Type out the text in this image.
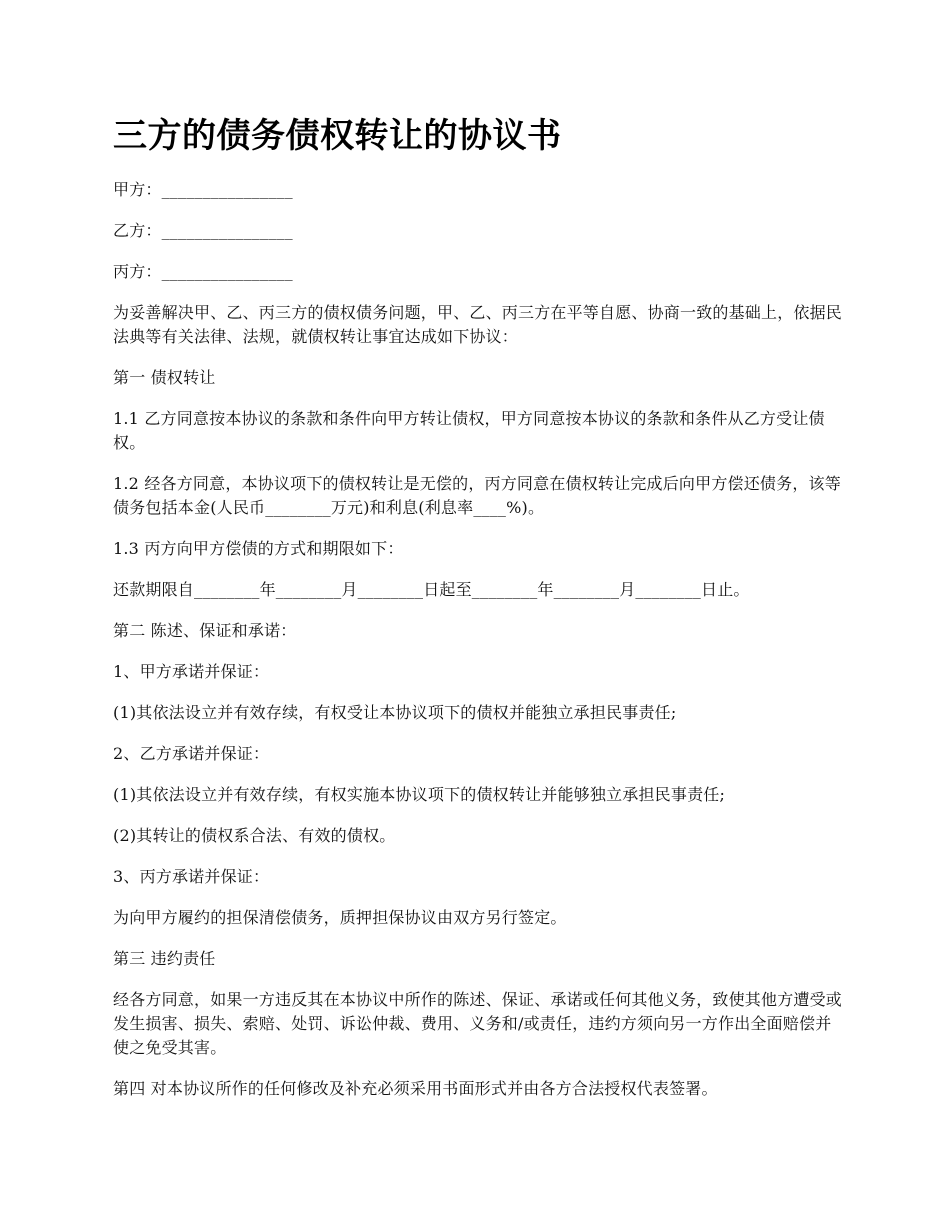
三方的债务债权转让的协议书

甲方：________________

乙方：________________

丙方：________________

为妥善解决甲、乙、丙三方的债权债务问题，甲、乙、丙三方在平等自愿、协商一致的基础上，依据民法典等有关法律、法规，就债权转让事宜达成如下协议：

第一 债权转让

1.1 乙方同意按本协议的条款和条件向甲方转让债权，甲方同意按本协议的条款和条件从乙方受让债权。

1.2 经各方同意，本协议项下的债权转让是无偿的，丙方同意在债权转让完成后向甲方偿还债务，该等债务包括本金(人民币________万元)和利息(利息率____%)。

1.3 丙方向甲方偿债的方式和期限如下：

还款期限自________年________月________日起至________年________月________日止。

第二 陈述、保证和承诺：

1、甲方承诺并保证：

(1)其依法设立并有效存续，有权受让本协议项下的债权并能独立承担民事责任;

2、乙方承诺并保证：

(1)其依法设立并有效存续，有权实施本协议项下的债权转让并能够独立承担民事责任;

(2)其转让的债权系合法、有效的债权。

3、丙方承诺并保证：

为向甲方履约的担保清偿债务，质押担保协议由双方另行签定。

第三 违约责任

经各方同意，如果一方违反其在本协议中所作的陈述、保证、承诺或任何其他义务，致使其他方遭受或发生损害、损失、索赔、处罚、诉讼仲裁、费用、义务和/或责任，违约方须向另一方作出全面赔偿并使之免受其害。

第四 对本协议所作的任何修改及补充必须采用书面形式并由各方合法授权代表签署。
